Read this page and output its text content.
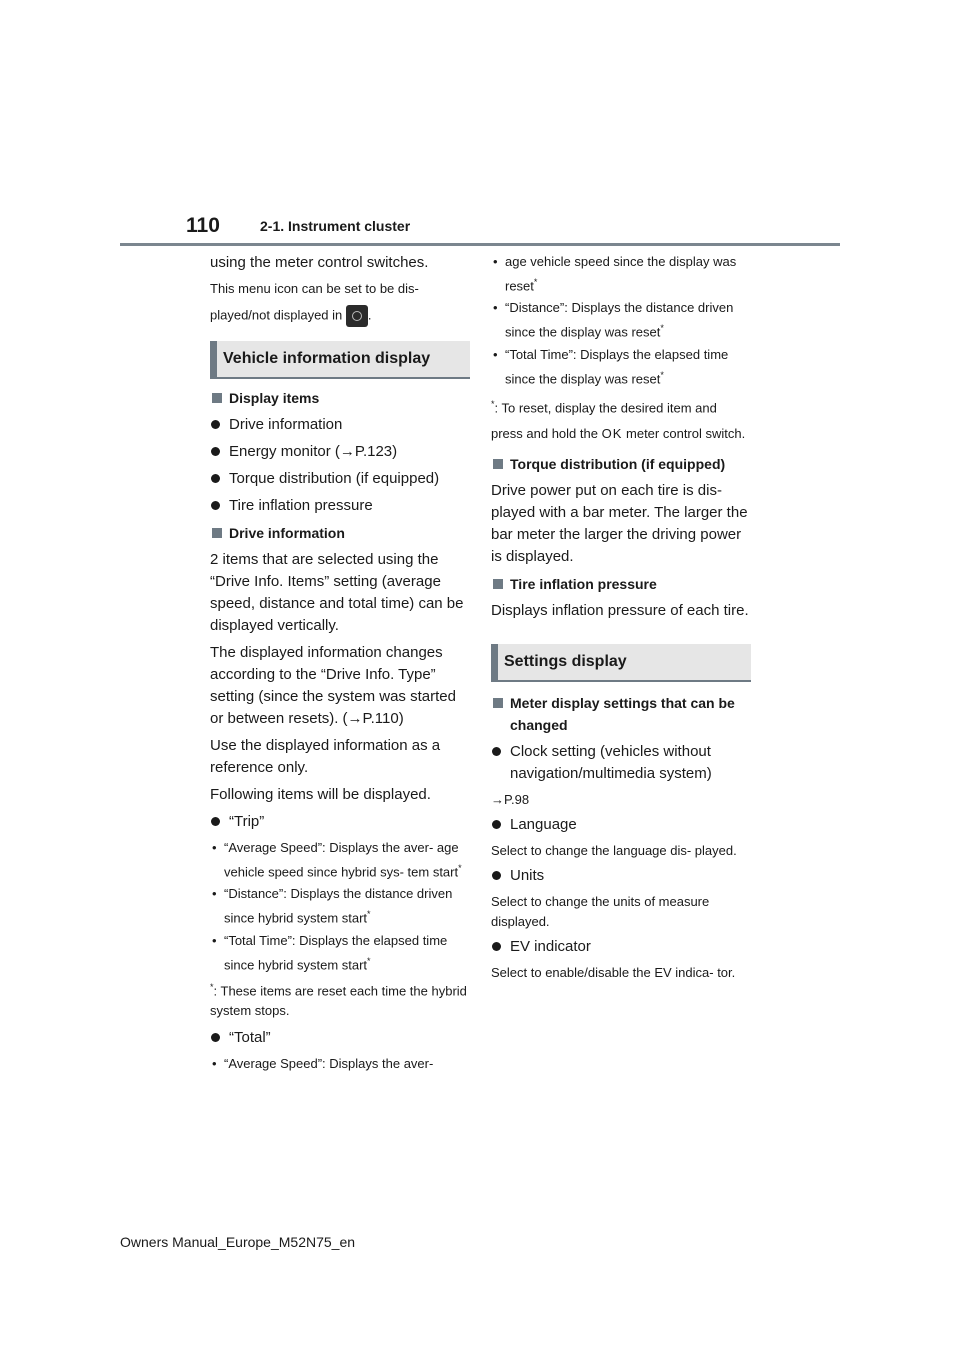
110	2-1. Instrument cluster

using the meter control switches.

This menu icon can be set to be dis-

played/not displayed in .

Vehicle information display
Display items
Drive information
Energy monitor (→P.123)
Torque distribution (if equipped)
Tire inflation pressure
Drive information

2 items that are selected using the “Drive Info. Items” setting (average speed, distance and total time) can be displayed vertically.

The displayed information changes according to the “Drive Info. Type” setting (since the system was started or between resets). (→P.110)

Use the displayed information as a reference only.

Following items will be displayed.

“Trip”
• “Average Speed”: Displays the aver- age vehicle speed since hybrid sys- tem start*
• “Distance”: Displays the distance driven since hybrid system start*
• “Total Time”: Displays the elapsed time since hybrid system start*

*: These items are reset each time the hybrid system stops.

“Total”
• “Average Speed”: Displays the aver-
• age vehicle speed since the display was reset*
• “Distance”: Displays the distance driven since the display was reset*
• “Total Time”: Displays the elapsed time since the display was reset*

*: To reset, display the desired item and press and hold the OK meter control switch.

Torque distribution (if equipped)

Drive power put on each tire is dis- played with a bar meter. The larger the bar meter the larger the driving power is displayed.

Tire inflation pressure

Displays inflation pressure of each tire.

Settings display
Meter display settings that can be changed
Clock setting (vehicles without navigation/multimedia system)

→P.98

Language

Select to change the language dis- played.

Units

Select to change the units of measure displayed.

EV indicator

Select to enable/disable the EV indica- tor.

Owners Manual_Europe_M52N75_en
